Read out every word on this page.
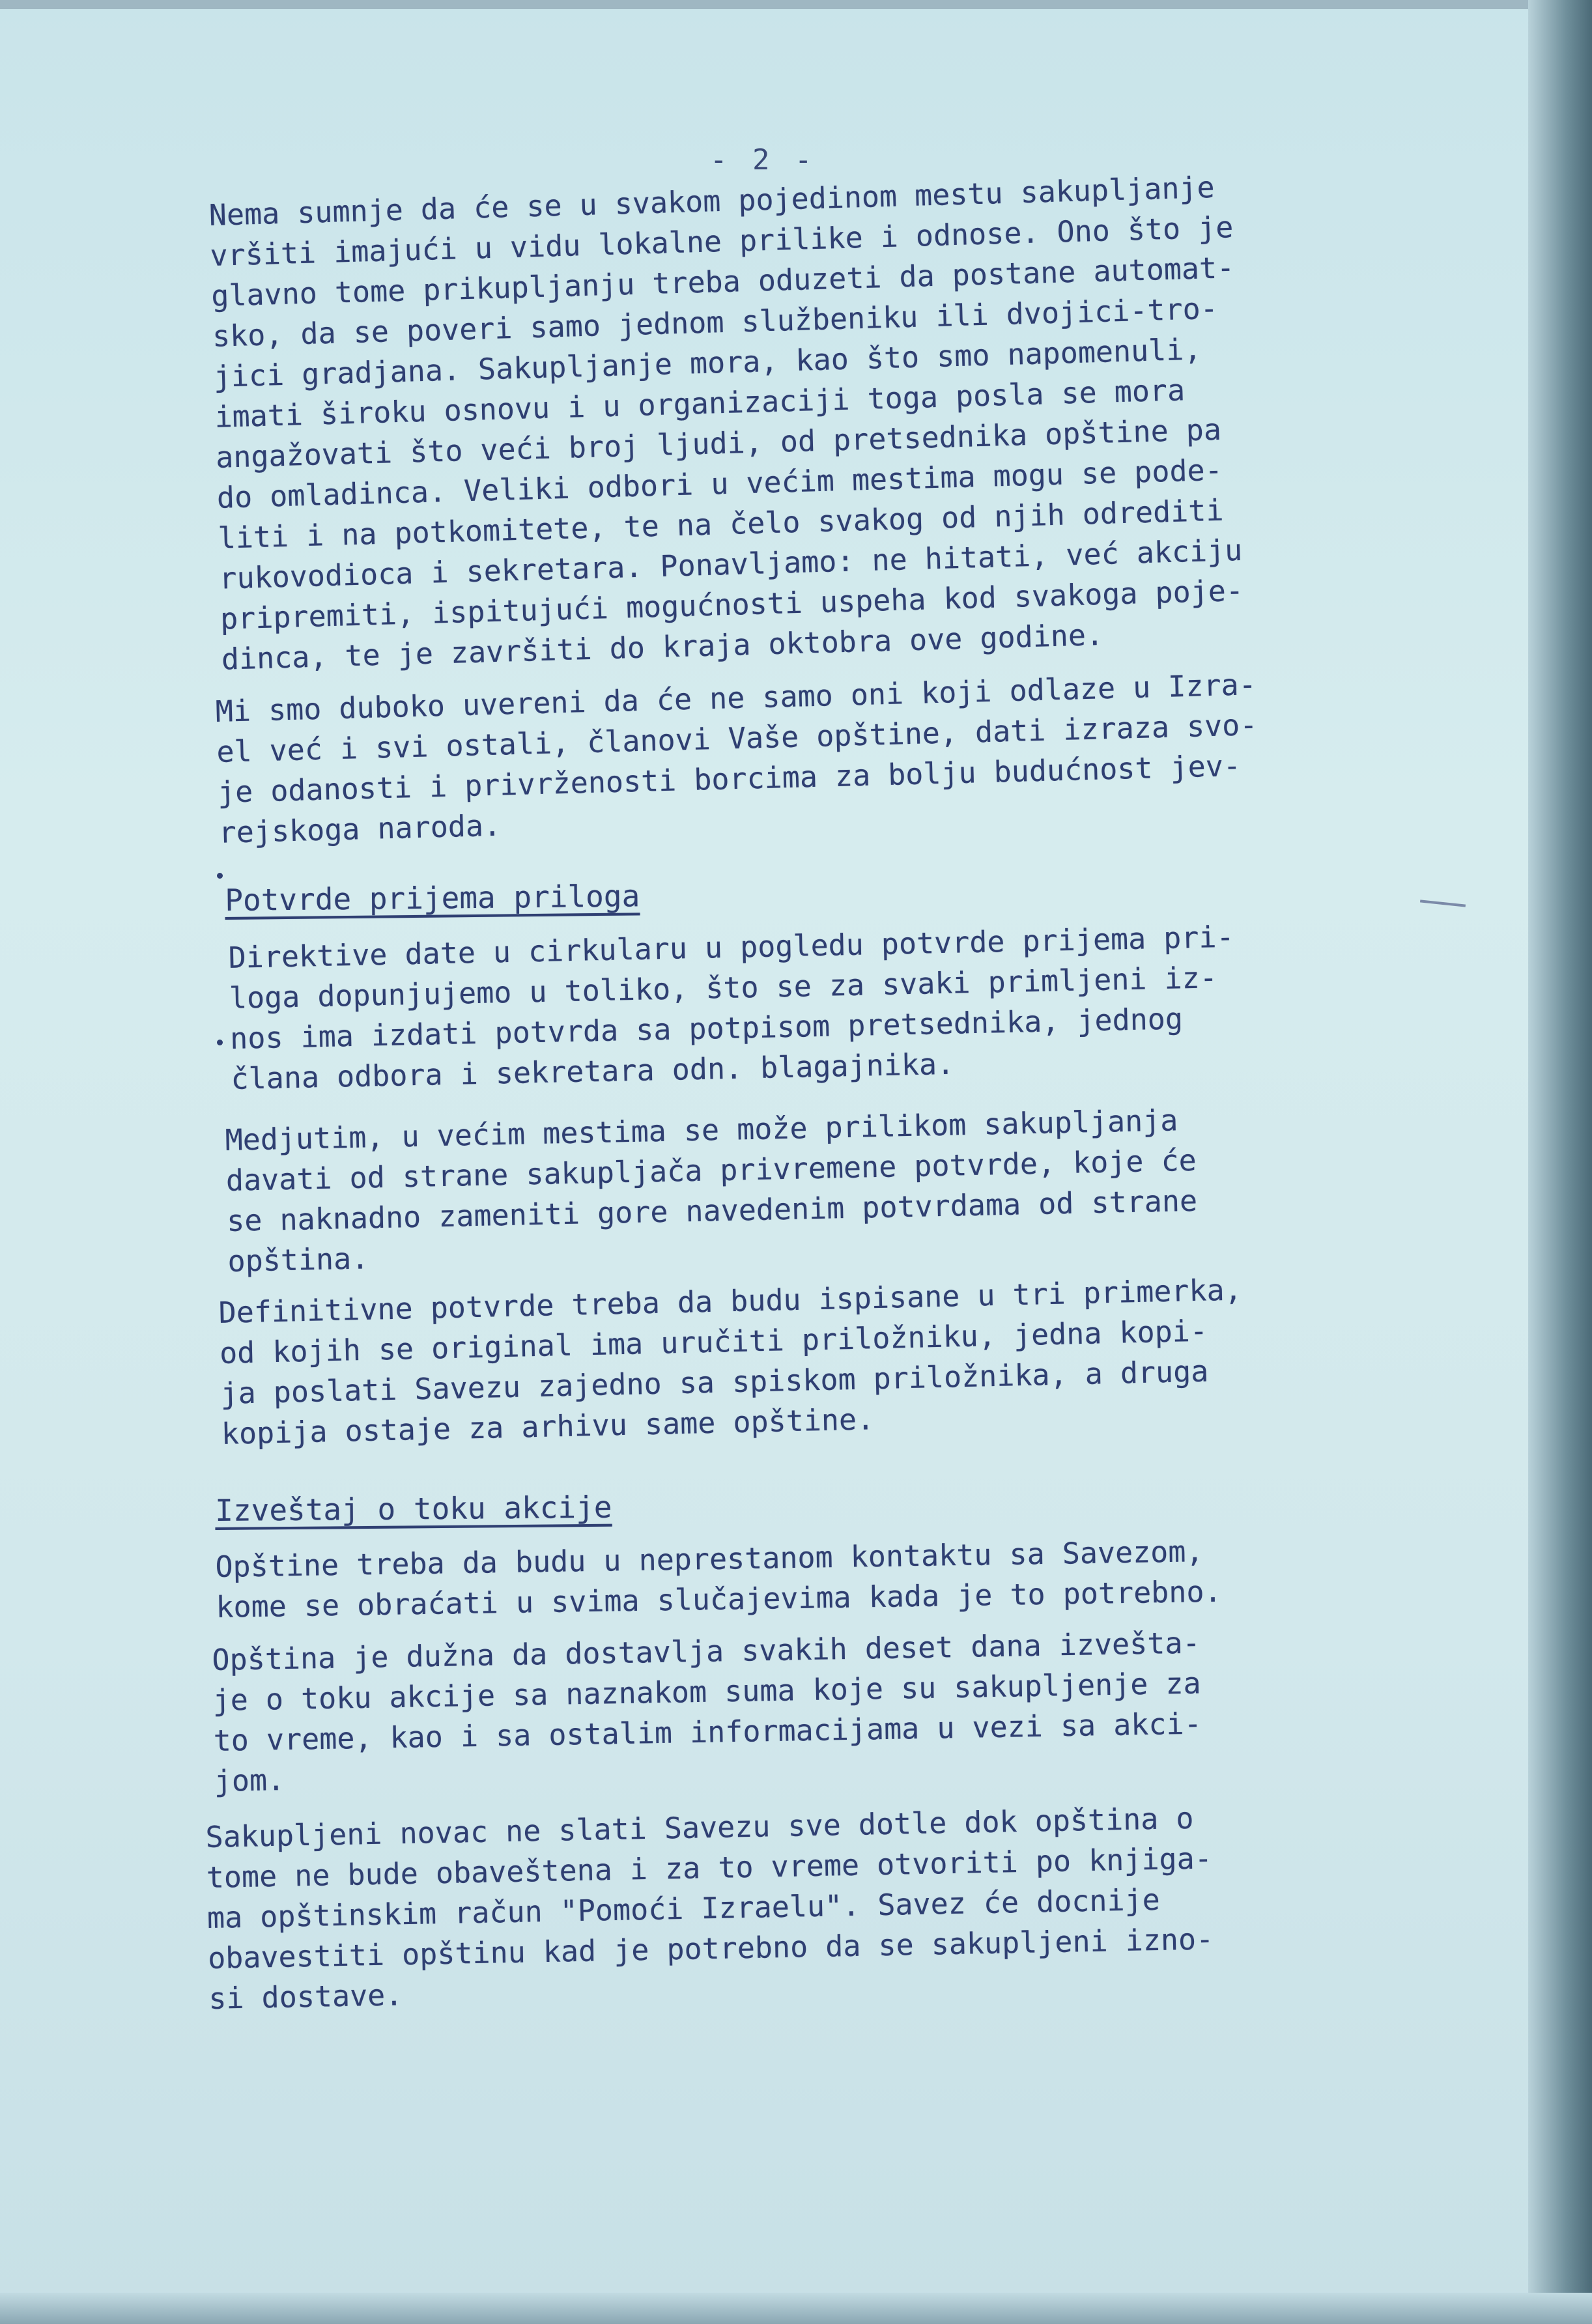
- 2 -
Nema sumnje da će se u svakom pojedinom mestu sakupljanje
vršiti imajući u vidu lokalne prilike i odnose. Ono što je
glavno tome prikupljanju treba oduzeti da postane automat-
sko, da se poveri samo jednom službeniku ili dvojici-tro-
jici gradjana. Sakupljanje mora, kao što smo napomenuli,
imati široku osnovu i u organizaciji toga posla se mora
angažovati što veći broj ljudi, od pretsednika opštine pa
do omladinca. Veliki odbori u većim mestima mogu se pode-
liti i na potkomitete, te na čelo svakog od njih odrediti
rukovodioca i sekretara. Ponavljamo: ne hitati, već akciju
pripremiti, ispitujući mogućnosti uspeha kod svakoga poje-
dinca, te je završiti do kraja oktobra ove godine.
Mi smo duboko uvereni da će ne samo oni koji odlaze u Izra-
el već i svi ostali, članovi Vaše opštine, dati izraza svo-
je odanosti i privrženosti borcima za bolju budućnost jev-
rejskoga naroda.
Potvrde prijema priloga
Direktive date u cirkularu u pogledu potvrde prijema pri-
loga dopunjujemo u toliko, što se za svaki primljeni iz-
nos ima izdati potvrda sa potpisom pretsednika, jednog
člana odbora i sekretara odn. blagajnika.
Medjutim, u većim mestima se može prilikom sakupljanja
davati od strane sakupljača privremene potvrde, koje će
se naknadno zameniti gore navedenim potvrdama od strane
opština.
Definitivne potvrde treba da budu ispisane u tri primerka,
od kojih se original ima uručiti priložniku, jedna kopi-
ja poslati Savezu zajedno sa spiskom priložnika, a druga
kopija ostaje za arhivu same opštine.
Izveštaj o toku akcije
Opštine treba da budu u neprestanom kontaktu sa Savezom,
kome se obraćati u svima slučajevima kada je to potrebno.
Opština je dužna da dostavlja svakih deset dana izvešta-
je o toku akcije sa naznakom suma koje su sakupljenje za
to vreme, kao i sa ostalim informacijama u vezi sa akci-
jom.
Sakupljeni novac ne slati Savezu sve dotle dok opština o
tome ne bude obaveštena i za to vreme otvoriti po knjiga-
ma opštinskim račun "Pomoći Izraelu". Savez će docnije
obavestiti opštinu kad je potrebno da se sakupljeni izno-
si dostave.
